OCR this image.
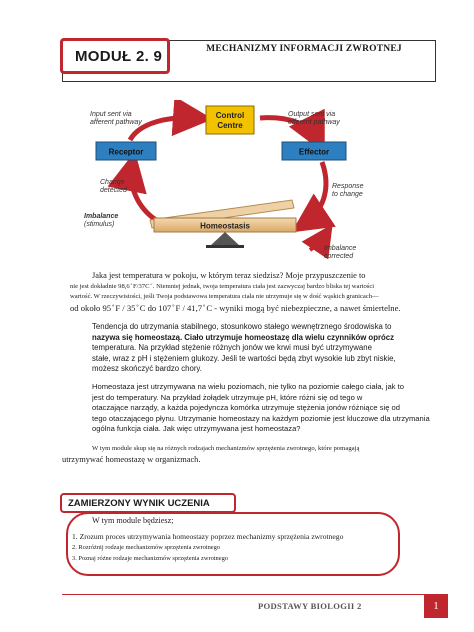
MODUŁ 2. 9	MECHANIZMY INFORMACJI ZWROTNEJ
Control
Centre
Receptor	Effector
Input sent via
afferent pathway
Output sent via
efferent pathway
Change
detected
Response
to change
Imbalance
(stimulus)
Imbalance
corrected
Homeostasis
Jaka jest temperatura w pokoju, w którym teraz siedzisz? Moje przypuszczenie to
nie jest dokładnie 98,6 ̊ F/37C ̊ . Niemniej jednak, twoja temperatura ciała jest zazwyczaj bardzo bliska tej wartości
wartość. W rzeczywistości, jeśli Twoja podstawowa temperatura ciała nie utrzymuje się w dość wąskich granicach—
od około 95 ̊ F / 35 ̊ C do 107 ̊ F / 41,7 ̊ C - wyniki mogą być niebezpieczne, a nawet śmiertelne.
Tendencja do utrzymania stabilnego, stosunkowo stałego wewnętrznego środowiska to
nazywa się homeostazą. Ciało utrzymuje homeostazę dla wielu czynników oprócz
temperatura. Na przykład stężenie różnych jonów we krwi musi być utrzymywane
stałe, wraz z pH i stężeniem glukozy. Jeśli te wartości będą zbyt wysokie lub zbyt niskie,
możesz skończyć bardzo chory.
Homeostaza jest utrzymywana na wielu poziomach, nie tylko na poziomie całego ciała, jak to
jest do temperatury. Na przykład żołądek utrzymuje pH, które różni się od tego w
otaczające narządy, a każda pojedyncza komórka utrzymuje stężenia jonów różniące się od
tego otaczającego płynu. Utrzymanie homeostazy na każdym poziomie jest kluczowe dla utrzymania
ogólna funkcja ciała. Jak więc utrzymywana jest homeostaza?
W tym module skup się na różnych rodzajach mechanizmów sprzężenia zwrotnego, które pomagają
utrzymywać homeostazę w organizmach.
ZAMIERZONY WYNIK UCZENIA
W tym module będziesz;
1. Zrozum proces utrzymywania homeostazy poprzez mechanizmy sprzężenia zwrotnego
2. Rozróżnij rodzaje mechanizmów sprzężenia zwrotnego
3. Poznaj różne rodzaje mechanizmów sprzężenia zwrotnego
PODSTAWY BIOLOGII 2	1
